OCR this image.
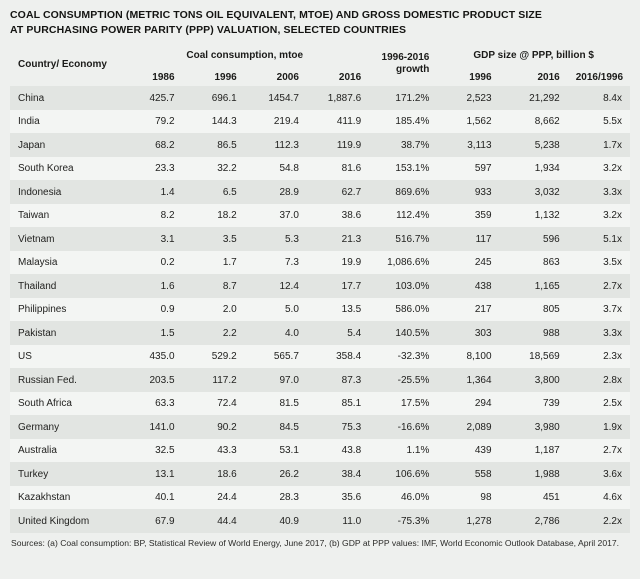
COAL CONSUMPTION (METRIC TONS OIL EQUIVALENT, MTOE) AND GROSS DOMESTIC PRODUCT SIZE
AT PURCHASING POWER PARITY (PPP) VALUATION, SELECTED COUNTRIES
Country/ Economy	Coal consumption, mtoe				1996-2016 growth	GDP size @ PPP, billion $		
	1986	1996	2006	2016		1996	2016	2016/1996
China	425.7	696.1	1454.7	1,887.6	171.2%	2,523	21,292	8.4x
India	79.2	144.3	219.4	411.9	185.4%	1,562	8,662	5.5x
Japan	68.2	86.5	112.3	119.9	38.7%	3,113	5,238	1.7x
South Korea	23.3	32.2	54.8	81.6	153.1%	597	1,934	3.2x
Indonesia	1.4	6.5	28.9	62.7	869.6%	933	3,032	3.3x
Taiwan	8.2	18.2	37.0	38.6	112.4%	359	1,132	3.2x
Vietnam	3.1	3.5	5.3	21.3	516.7%	117	596	5.1x
Malaysia	0.2	1.7	7.3	19.9	1,086.6%	245	863	3.5x
Thailand	1.6	8.7	12.4	17.7	103.0%	438	1,165	2.7x
Philippines	0.9	2.0	5.0	13.5	586.0%	217	805	3.7x
Pakistan	1.5	2.2	4.0	5.4	140.5%	303	988	3.3x
US	435.0	529.2	565.7	358.4	-32.3%	8,100	18,569	2.3x
Russian Fed.	203.5	117.2	97.0	87.3	-25.5%	1,364	3,800	2.8x
South Africa	63.3	72.4	81.5	85.1	17.5%	294	739	2.5x
Germany	141.0	90.2	84.5	75.3	-16.6%	2,089	3,980	1.9x
Australia	32.5	43.3	53.1	43.8	1.1%	439	1,187	2.7x
Turkey	13.1	18.6	26.2	38.4	106.6%	558	1,988	3.6x
Kazakhstan	40.1	24.4	28.3	35.6	46.0%	98	451	4.6x
United Kingdom	67.9	44.4	40.9	11.0	-75.3%	1,278	2,786	2.2x
Sources: (a) Coal consumption: BP, Statistical Review of World Energy, June 2017, (b) GDP at PPP values: IMF, World Economic Outlook Database, April 2017.
